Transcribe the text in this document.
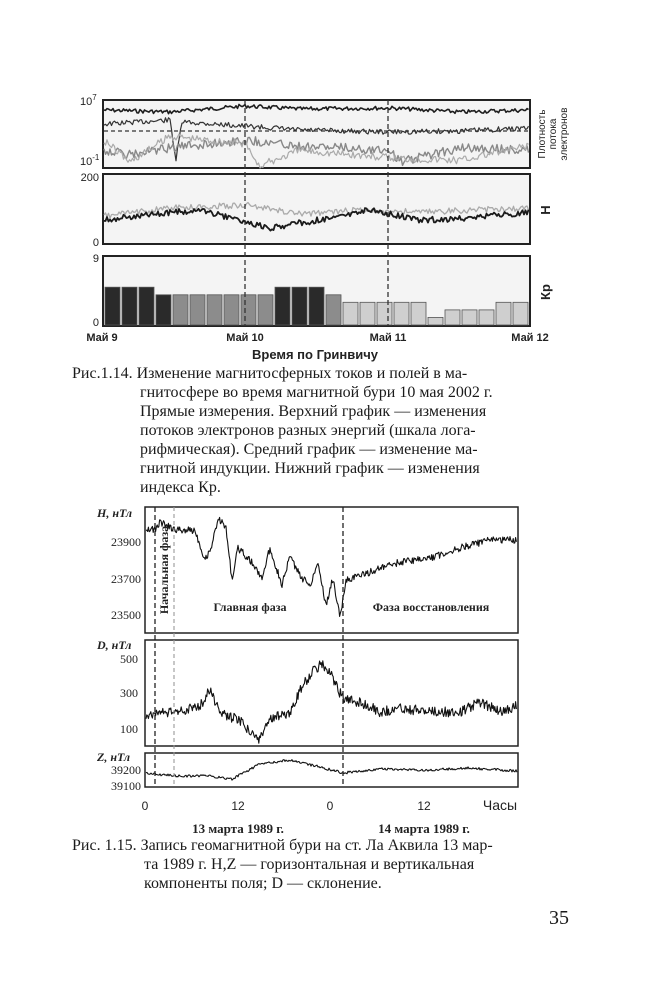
$10^7$
$10^{-1}$
200
0
9
0
Плотность потока электронов
H
Кр
Май 9	Май 10	Май 11	Май 12
Время по Гринвичу
H, нТл
23900
23700
23500
D, нТл
500
300
100
Z, нТл
39200
39100
Начальная фаза	Главная фаза	Фаза восстановления
0	12	0	12	Часы
13 марта 1989 г.	14 марта 1989 г.
Рис.1.14. Изменение магнитосферных токов и полей в ма-
гнитосфере во время магнитной бури 10 мая 2002 г.
Прямые измерения. Верхний график — изменения
потоков электронов разных энергий (шкала лога-
рифмическая). Средний график — изменение ма-
гнитной индукции. Нижний график — изменения
индекса Кр.
Рис. 1.15. Запись геомагнитной бури на ст. Ла Аквила 13 мар-
та 1989 г. H,Z — горизонтальная и вертикальная
компоненты поля; D — склонение.
35
